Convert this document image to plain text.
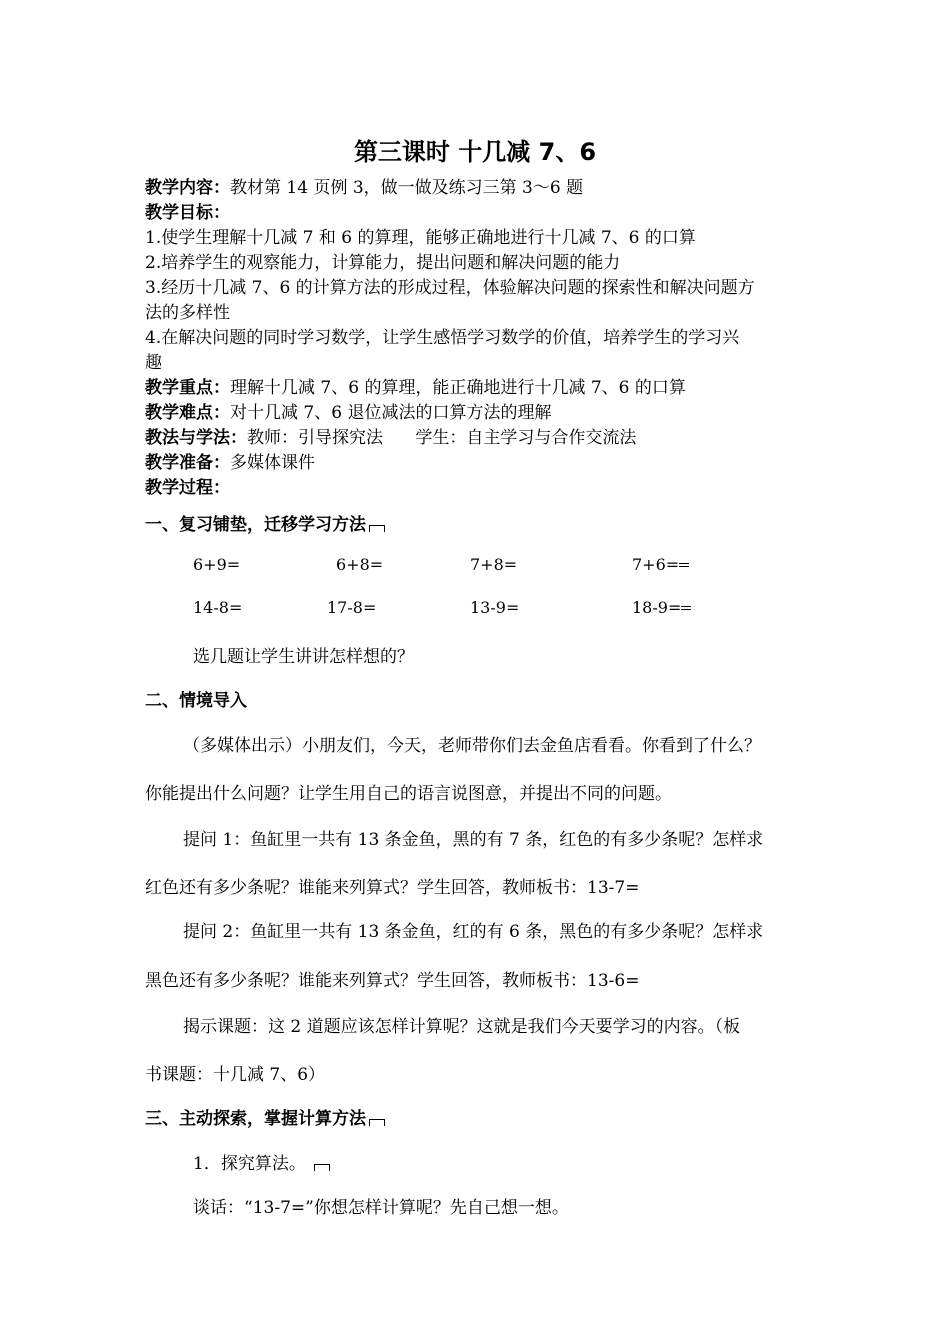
第三课时 十几减 7、6
教学内容：教材第 14 页例 3，做一做及练习三第 3～6 题
教学目标：
1.使学生理解十几减 7 和 6 的算理，能够正确地进行十几减 7、6 的口算
2.培养学生的观察能力，计算能力，提出问题和解决问题的能力
3.经历十几减 7、6 的计算方法的形成过程，体验解决问题的探索性和解决问题方
法的多样性
4.在解决问题的同时学习数学，让学生感悟学习数学的价值，培养学生的学习兴
趣
教学重点：理解十几减 7、6 的算理，能正确地进行十几减 7、6 的口算
教学难点：对十几减 7、6 退位减法的口算方法的理解
教法与学法：教师：引导探究法      学生：自主学习与合作交流法
教学准备：多媒体课件
教学过程：
一、复习铺垫，迁移学习方法
6+9=	6+8=	7+8=	7+6=
14-8=	17-8=	13-9=	18-9=
选几题让学生讲讲怎样想的？
二、情境导入
（多媒体出示）小朋友们，今天，老师带你们去金鱼店看看。你看到了什么？
你能提出什么问题？让学生用自己的语言说图意，并提出不同的问题。
提问 1：鱼缸里一共有 13 条金鱼，黑的有 7 条，红色的有多少条呢？怎样求
红色还有多少条呢？谁能来列算式？学生回答，教师板书：13-7=
提问 2：鱼缸里一共有 13 条金鱼，红的有 6 条，黑色的有多少条呢？怎样求
黑色还有多少条呢？谁能来列算式？学生回答，教师板书：13-6=
揭示课题：这 2 道题应该怎样计算呢？这就是我们今天要学习的内容。（板
书课题：十几减 7、6）
三、主动探索，掌握计算方法
1．探究算法。
谈话：“13-7=”你想怎样计算呢？先自己想一想。
